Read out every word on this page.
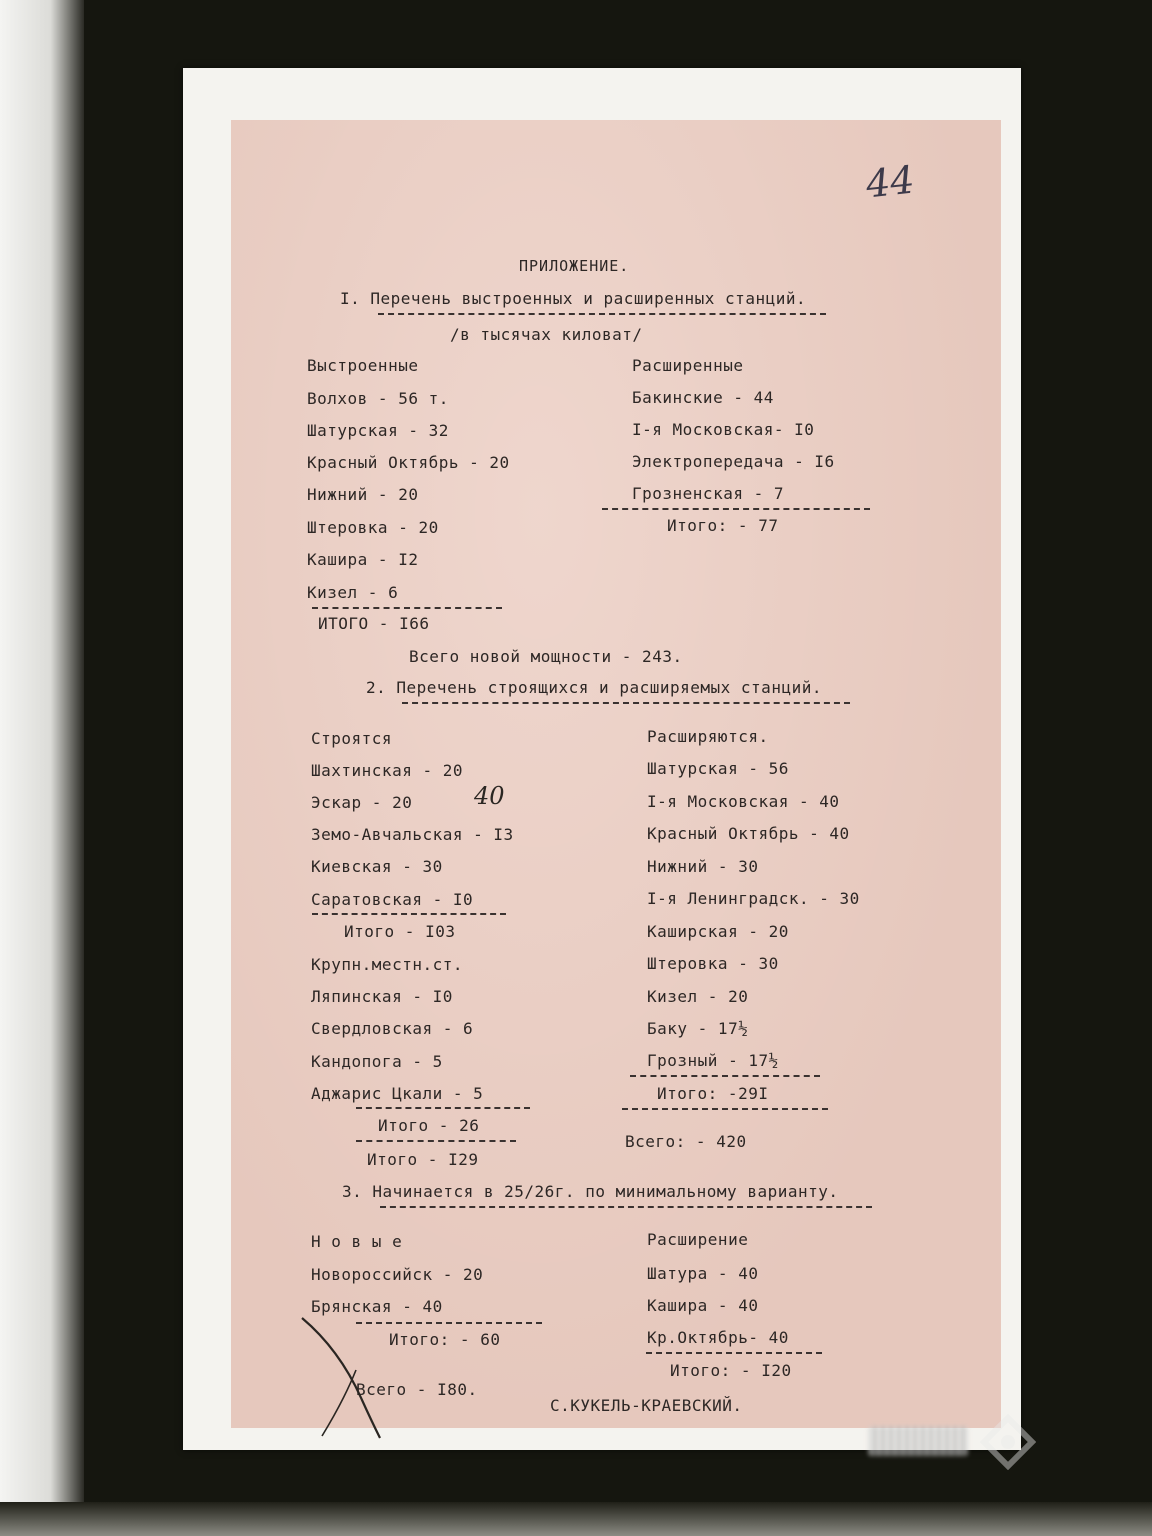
44
ПРИЛОЖЕНИЕ.
I. Перечень выстроенных и расширенных станций.
/в тысячах киловат/
Выстроенные
Волхов - 56 т.
Шатурская - 32
Красный Октябрь - 20
Нижний - 20
Штеровка - 20
Кашира - I2
Кизел - 6
ИТОГО - I66
Расширенные
Бакинские - 44
I-я Московская- I0
Электропередача - I6
Грозненская - 7
Итого: - 77
Всего новой мощности - 243.
2. Перечень строящихся и расширяемых станций.
Строятся
Шахтинская - 20
Эскар - 20	40
Земо-Авчальская - I3
Киевская - 30
Саратовская - I0
Итого - I03
Крупн.местн.ст.
Ляпинская - I0
Свердловская - 6
Кандопога - 5
Аджарис Цкали - 5
Итого - 26
Итого - I29
Расширяются.
Шатурская - 56
I-я Московская - 40
Красный Октябрь - 40
Нижний - 30
I-я Ленинградск. - 30
Каширская - 20
Штеровка - 30
Кизел - 20
Баку - 17½
Грозный - 17½
Итого: -29I
Всего: - 420
3. Начинается в 25/26г. по минимальному варианту.
Н о в ы е
Новороссийск - 20
Брянская - 40
Итого: - 60
Расширение
Шатура - 40
Кашира - 40
Кр.Октябрь- 40
Итого: - I20
Всего - I80.
С.КУКЕЛЬ-КРАЕВСКИЙ.
